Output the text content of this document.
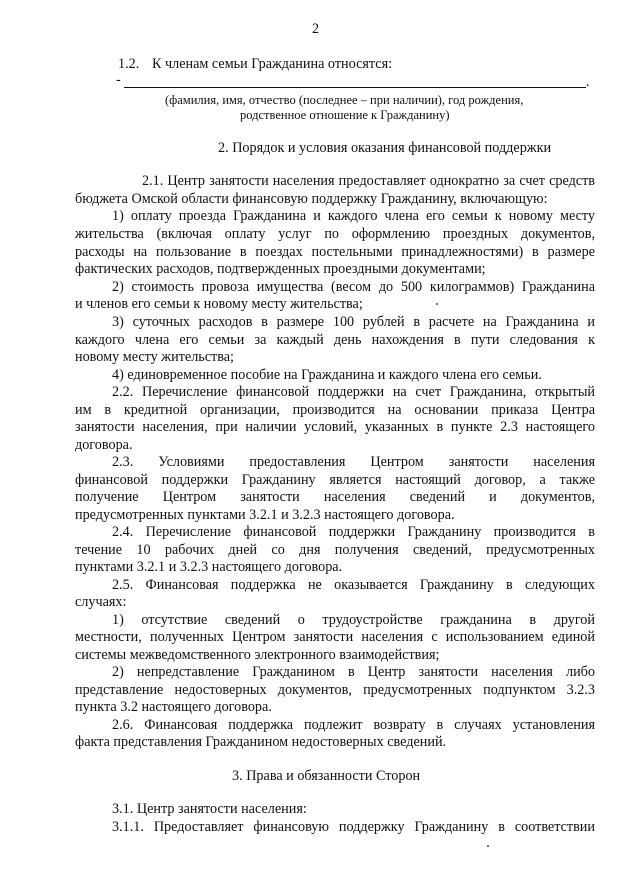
2
1.2. К членам семьи Гражданина относятся:
-	.
(фамилия, имя, отчество (последнее – при наличии), год рождения,
родственное отношение к Гражданину)
2. Порядок и условия оказания финансовой поддержки
2.1. Центр занятости населения предоставляет однократно за счет средств
бюджета Омской области финансовую поддержку Гражданину, включающую:
1) оплату проезда Гражданина и каждого члена его семьи к новому месту
жительства (включая оплату услуг по оформлению проездных документов,
расходы на пользование в поездах постельными принадлежностями) в размере
фактических расходов, подтвержденных проездными документами;
2) стоимость провоза имущества (весом до 500 килограммов) Гражданина
и членов его семьи к новому месту жительства;
3) суточных расходов в размере 100 рублей в расчете на Гражданина и
каждого члена его семьи за каждый день нахождения в пути следования к
новому месту жительства;
4) единовременное пособие на Гражданина и каждого члена его семьи.
2.2. Перечисление финансовой поддержки на счет Гражданина, открытый
им в кредитной организации, производится на основании приказа Центра
занятости населения, при наличии условий, указанных в пункте 2.3 настоящего
договора.
2.3. Условиями предоставления Центром занятости населения
финансовой поддержки Гражданину является настоящий договор, а также
получение Центром занятости населения сведений и документов,
предусмотренных пунктами 3.2.1 и 3.2.3 настоящего договора.
2.4. Перечисление финансовой поддержки Гражданину производится в
течение 10 рабочих дней со дня получения сведений, предусмотренных
пунктами 3.2.1 и 3.2.3 настоящего договора.
2.5. Финансовая поддержка не оказывается Гражданину в следующих
случаях:
1) отсутствие сведений о трудоустройстве гражданина в другой
местности, полученных Центром занятости населения с использованием единой
системы межведомственного электронного взаимодействия;
2) непредставление Гражданином в Центр занятости населения либо
представление недостоверных документов, предусмотренных подпунктом 3.2.3
пункта 3.2 настоящего договора.
2.6. Финансовая поддержка подлежит возврату в случаях установления
факта представления Гражданином недостоверных сведений.
3. Права и обязанности Сторон
3.1. Центр занятости населения:
3.1.1. Предоставляет финансовую поддержку Гражданину в соответствии
